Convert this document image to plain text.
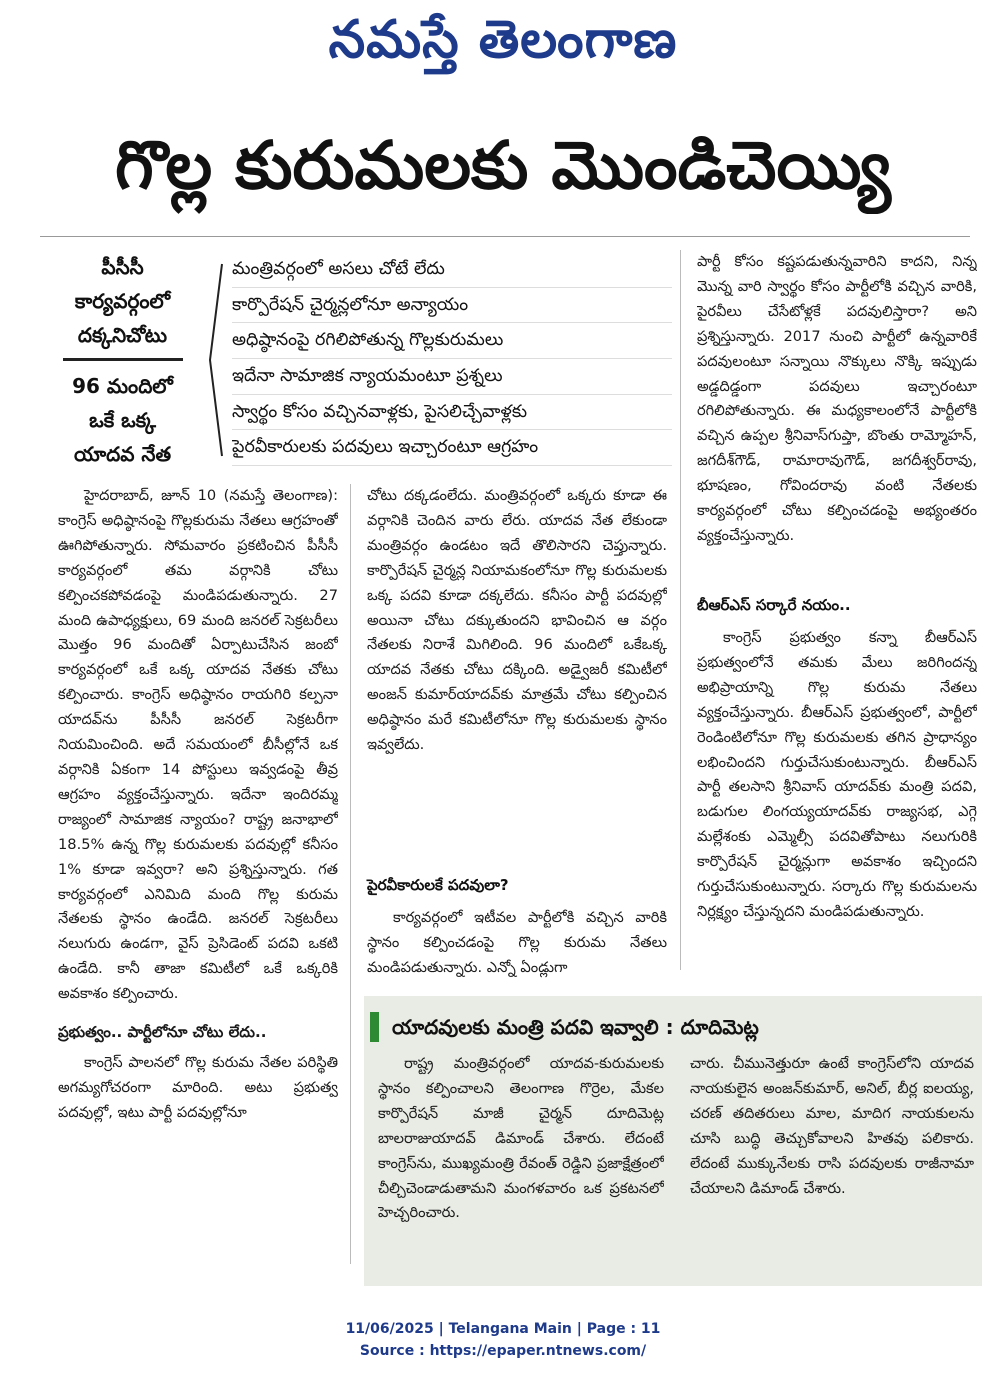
నమస్తే తెలంగాణ
గొల్ల కురుమలకు మొండిచెయ్యి
పీసీసీ
కార్యవర్గంలో
దక్కనిచోటు
96 మందిలో
ఒకే ఒక్క
యాదవ నేత
మంత్రివర్గంలో అసలు చోటే లేదు
కార్పొరేషన్ చైర్మన్లలోనూ అన్యాయం
అధిష్ఠానంపై రగిలిపోతున్న గొల్లకురుమలు
ఇదేనా సామాజిక న్యాయమంటూ ప్రశ్నలు
స్వార్థం కోసం వచ్చినవాళ్లకు, పైసలిచ్చేవాళ్లకు
పైరవీకారులకు పదవులు ఇచ్చారంటూ ఆగ్రహం

హైదరాబాద్, జూన్ 10 (నమస్తే తెలంగాణ): కాంగ్రెస్ అధిష్ఠానంపై గొల్లకురుమ నేతలు ఆగ్రహంతో ఊగిపోతున్నారు. సోమవారం ప్రకటించిన పీసీసీ కార్యవర్గంలో తమ వర్గానికి చోటు కల్పించకపోవడంపై మండిపడుతున్నారు. 27 మంది ఉపాధ్యక్షులు, 69 మంది జనరల్ సెక్రటరీలు మొత్తం 96 మందితో ఏర్పాటుచేసిన జంబో కార్యవర్గంలో ఒకే ఒక్క యాదవ నేతకు చోటు కల్పించారు. కాంగ్రెస్ అధిష్ఠానం రాయగిరి కల్పనా యాదవ్‌ను పీసీసీ జనరల్ సెక్రటరీగా నియమించింది. అదే సమయంలో బీసీల్లోనే ఒక వర్గానికి ఏకంగా 14 పోస్టులు ఇవ్వడంపై తీవ్ర ఆగ్రహం వ్యక్తంచేస్తున్నారు. ఇదేనా ఇందిరమ్మ రాజ్యంలో సామాజిక న్యాయం? రాష్ట్ర జనాభాలో 18.5% ఉన్న గొల్ల కురుమలకు పదవుల్లో కనీసం 1% కూడా ఇవ్వరా? అని ప్రశ్నిస్తున్నారు. గత కార్యవర్గంలో ఎనిమిది మంది గొల్ల కురుమ నేతలకు స్థానం ఉండేది. జనరల్ సెక్రటరీలు నలుగురు ఉండగా, వైస్ ప్రెసిడెంట్ పదవి ఒకటి ఉండేది. కానీ తాజా కమిటీలో ఒకే ఒక్కరికి అవకాశం కల్పించారు.

ప్రభుత్వం.. పార్టీలోనూ చోటు లేదు..

కాంగ్రెస్ పాలనలో గొల్ల కురుమ నేతల పరిస్థితి అగమ్యగోచరంగా మారింది. అటు ప్రభుత్వ పదవుల్లో, ఇటు పార్టీ పదవుల్లోనూ

చోటు దక్కడంలేదు. మంత్రివర్గంలో ఒక్కరు కూడా ఈ వర్గానికి చెందిన వారు లేరు. యాదవ నేత లేకుండా మంత్రివర్గం ఉండటం ఇదే తొలిసారని చెప్తున్నారు. కార్పొరేషన్ చైర్మన్ల నియామకంలోనూ గొల్ల కురుమలకు ఒక్క పదవి కూడా దక్కలేదు. కనీసం పార్టీ పదవుల్లో అయినా చోటు దక్కుతుందని భావించిన ఆ వర్గం నేతలకు నిరాశే మిగిలింది. 96 మందిలో ఒకేఒక్క యాదవ నేతకు చోటు దక్కింది. అడ్వైజరీ కమిటీలో అంజన్ కుమార్‌యాదవ్‌కు మాత్రమే చోటు కల్పించిన అధిష్ఠానం మరే కమిటీలోనూ గొల్ల కురుమలకు స్థానం ఇవ్వలేదు.

పైరవీకారులకే పదవులా?

కార్యవర్గంలో ఇటీవల పార్టీలోకి వచ్చిన వారికి స్థానం కల్పించడంపై గొల్ల కురుమ నేతలు మండిపడుతున్నారు. ఎన్నో ఏండ్లుగా

పార్టీ కోసం కష్టపడుతున్నవారిని కాదని, నిన్న మొన్న వారి స్వార్థం కోసం పార్టీలోకి వచ్చిన వారికి, పైరవీలు చేసేటోళ్లకే పదవులిస్తారా? అని ప్రశ్నిస్తున్నారు. 2017 నుంచి పార్టీలో ఉన్నవారికే పదవులంటూ సన్నాయి నొక్కులు నొక్కి ఇప్పుడు అడ్డదిడ్డంగా పదవులు ఇచ్చారంటూ రగిలిపోతున్నారు. ఈ మధ్యకాలంలోనే పార్టీలోకి వచ్చిన ఉప్పల శ్రీనివాస్‌గుప్తా, బొంతు రామ్మోహన్, జగదీశ్‌గౌడ్, రామారావుగౌడ్, జగదీశ్వర్‌రావు, భూషణం, గోవిందరావు వంటి నేతలకు కార్యవర్గంలో చోటు కల్పించడంపై అభ్యంతరం వ్యక్తంచేస్తున్నారు.

బీఆర్‌ఎస్ సర్కారే నయం..

కాంగ్రెస్ ప్రభుత్వం కన్నా బీఆర్‌ఎస్ ప్రభుత్వంలోనే తమకు మేలు జరిగిందన్న అభిప్రాయాన్ని గొల్ల కురుమ నేతలు వ్యక్తంచేస్తున్నారు. బీఆర్‌ఎస్ ప్రభుత్వంలో, పార్టీలో రెండింటిలోనూ గొల్ల కురుమలకు తగిన ప్రాధాన్యం లభించిందని గుర్తుచేసుకుంటున్నారు. బీఆర్‌ఎస్ పార్టీ తలసాని శ్రీనివాస్ యాదవ్‌కు మంత్రి పదవి, బడుగుల లింగయ్యయాదవ్‌కు రాజ్యసభ, ఎగ్గె మల్లేశంకు ఎమ్మెల్సీ పదవితోపాటు నలుగురికి కార్పొరేషన్ చైర్మన్లుగా అవకాశం ఇచ్చిందని గుర్తుచేసుకుంటున్నారు. సర్కారు గొల్ల కురుమలను నిర్లక్ష్యం చేస్తున్నదని మండిపడుతున్నారు.

యాదవులకు మంత్రి పదవి ఇవ్వాలి : దూదిమెట్ల

రాష్ట్ర మంత్రివర్గంలో యాదవ-కురుమలకు స్థానం కల్పించాలని తెలంగాణ గొర్రెల, మేకల కార్పొరేషన్ మాజీ చైర్మన్ దూదిమెట్ల బాలరాజుయాదవ్ డిమాండ్ చేశారు. లేదంటే కాంగ్రెస్‌ను, ముఖ్యమంత్రి రేవంత్ రెడ్డిని ప్రజాక్షేత్రంలో చీల్చిచెండాడుతామని మంగళవారం ఒక ప్రకటనలో హెచ్చరించారు.

చారు. చీమునెత్తురూ ఉంటే కాంగ్రెస్‌లోని యాదవ నాయకులైన అంజన్‌కుమార్, అనిల్, బీర్ల ఐలయ్య, చరణ్ తదితరులు మాల, మాదిగ నాయకులను చూసి బుద్ధి తెచ్చుకోవాలని హితవు పలికారు. లేదంటే ముక్కునేలకు రాసి పదవులకు రాజీనామా చేయాలని డిమాండ్ చేశారు.

11/06/2025 | Telangana Main | Page : 11
Source : https://epaper.ntnews.com/
